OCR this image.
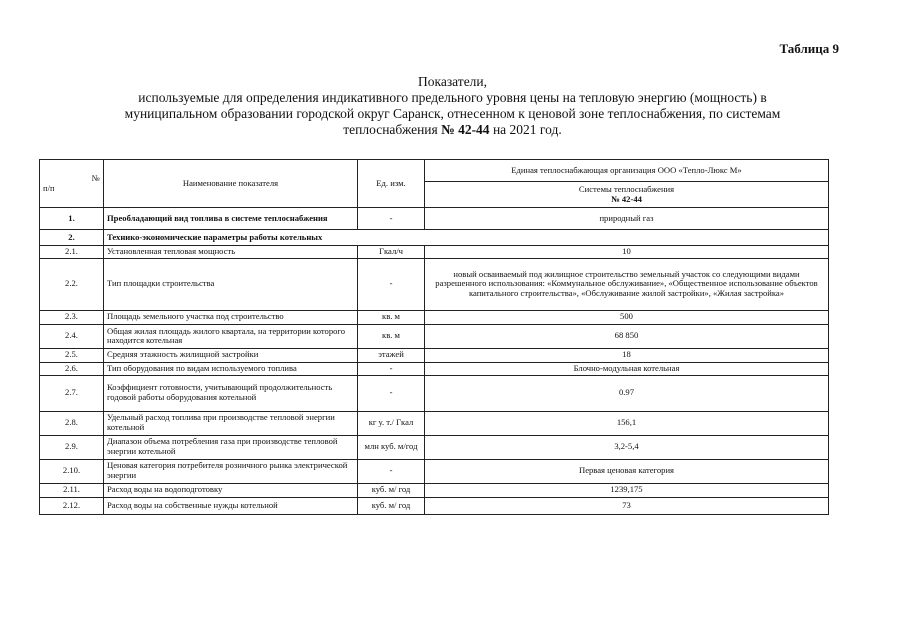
Таблица 9

Показатели,

используемые для определения индикативного предельного уровня цены на тепловую энергию (мощность) в

муниципальном образовании городской округ Саранск, отнесенном к ценовой зоне теплоснабжения, по системам

теплоснабжения № 42-44 на 2021 год.

№
п/п	Наименование показателя	Ед. изм.	Единая теплоснабжающая организация ООО «Тепло-Люкс М»
			Системы теплоснабжения
№ 42-44

1.	Преобладающий вид топлива в системе теплоснабжения	-	природный газ
2.	Технико-экономические параметры работы котельных		
2.1.	Установленная тепловая мощность	Гкал/ч	10
2.2.	Тип площадки строительства	-	новый осваиваемый под жилищное строительство земельный участок со следующими видами разрешенного использования: «Коммунальное обслуживание», «Общественное использование объектов капитального строительства», «Обслуживание жилой застройки», «Жилая застройка»
2.3.	Площадь земельного участка под строительство	кв. м	500
2.4.	Общая жилая площадь жилого квартала, на территории которого находится котельная	кв. м	68 850
2.5.	Средняя этажность жилищной застройки	этажей	18
2.6.	Тип оборудования по видам используемого топлива	-	Блочно-модульная котельная
2.7.	Коэффициент готовности, учитывающий продолжительность годовой работы оборудования котельной	-	0.97
2.8.	Удельный расход топлива при производстве тепловой энергии котельной	кг у. т./ Гкал	156,1
2.9.	Диапазон объема потребления газа при производстве тепловой энергии котельной	млн куб. м/год	3,2-5,4
2.10.	Ценовая категория потребителя розничного рынка электрической энергии	-	Первая ценовая категория
2.11.	Расход воды на водоподготовку	куб. м/ год	1239,175
2.12.	Расход воды на собственные нужды котельной	куб. м/ год	73
